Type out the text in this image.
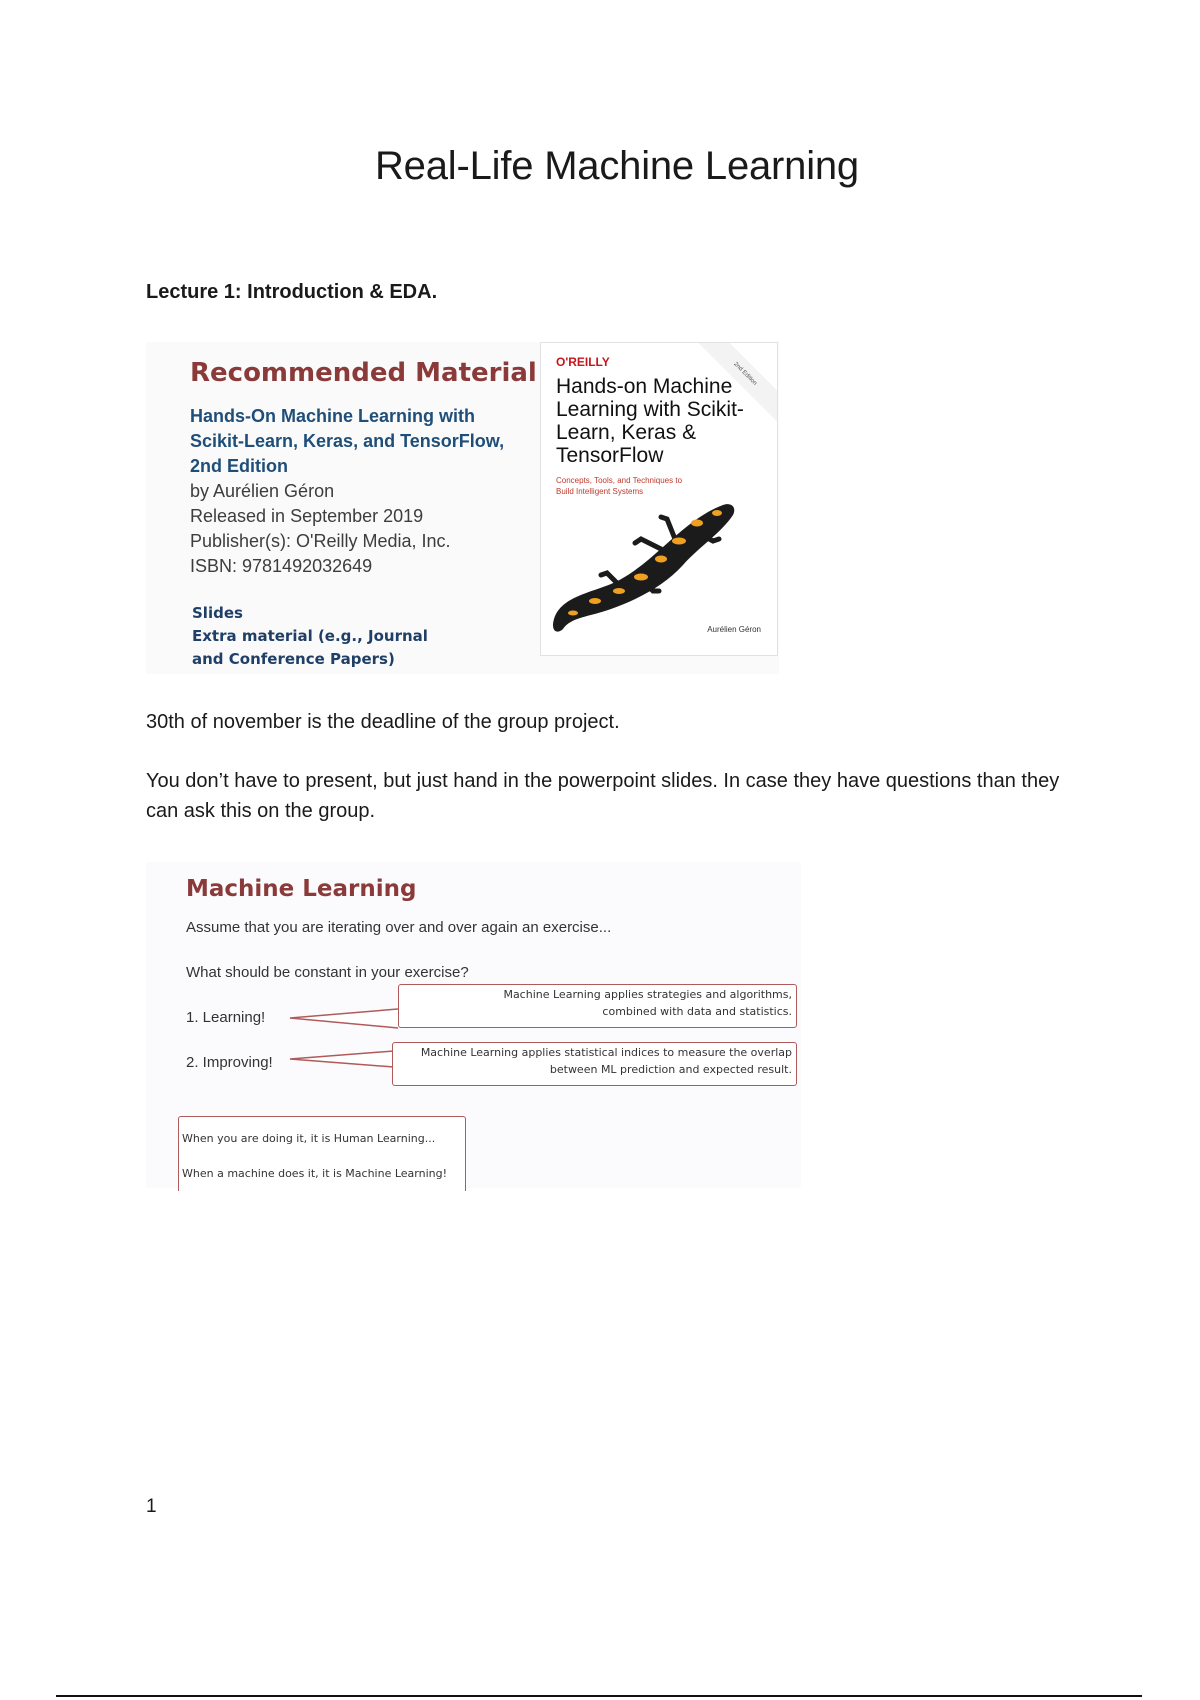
Real-Life Machine Learning

Lecture 1: Introduction & EDA.

Recommended Material
Hands-On Machine Learning with Scikit-Learn, Keras, and TensorFlow, 2nd Edition
by Aurélien Géron
Released in September 2019
Publisher(s): O'Reilly Media, Inc.
ISBN: 9781492032649
Slides
Extra material (e.g., Journal
and Conference Papers)
2nd Edition
O'REILLY
Hands-on Machine Learning with Scikit-Learn, Keras & TensorFlow
Concepts, Tools, and Techniques to Build Intelligent Systems
Aurélien Géron

30th of november is the deadline of the group project.

You don’t have to present, but just hand in the powerpoint slides. In case they have questions than they can ask this on the group.

Machine Learning
Assume that you are iterating over and over again an exercise...
What should be constant in your exercise?
1. Learning!
2. Improving!
Machine Learning applies strategies and algorithms,
combined with data and statistics.
Machine Learning applies statistical indices to measure the overlap
between ML prediction and expected result.
When you are doing it, it is Human Learning...
When a machine does it, it is Machine Learning!

1
